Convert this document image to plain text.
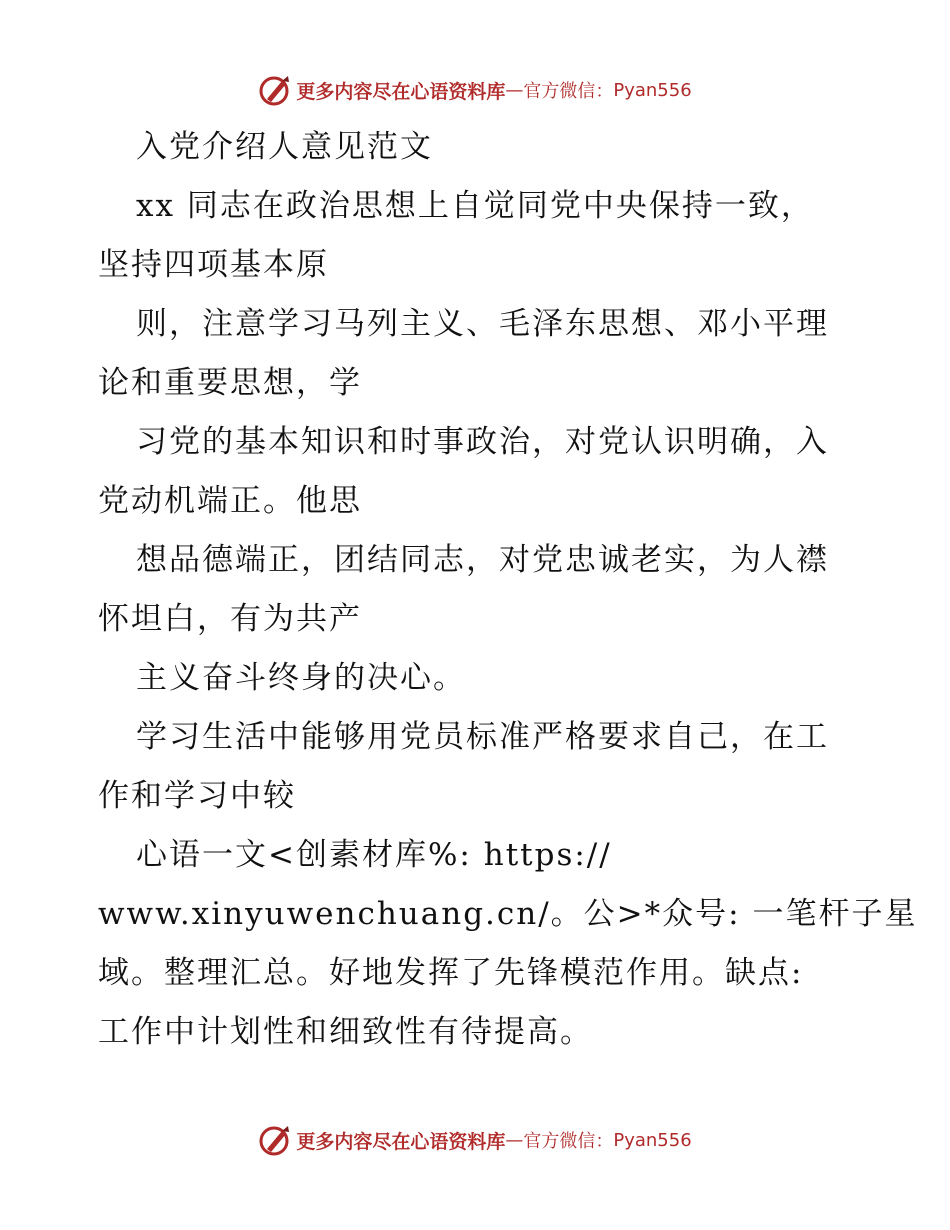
更多内容尽在心语资料库 — 官方微信： Pyan556
入党介绍人意见范文
xx 同志在政治思想上自觉同党中央保持一致，
坚持四项基本原
则，注意学习马列主义、毛泽东思想、邓小平理
论和重要思想，学
习党的基本知识和时事政治，对党认识明确，入
党动机端正。他思
想品德端正，团结同志，对党忠诚老实，为人襟
怀坦白，有为共产
主义奋斗终身的决心。
学习生活中能够用党员标准严格要求自己，在工
作和学习中较
心语一文<创素材库%: https://
www.xinyuwenchuang.cn/。公>*众号: 一笔杆子星
域。整理汇总。好地发挥了先锋模范作用。缺点:
工作中计划性和细致性有待提高。
更多内容尽在心语资料库 — 官方微信： Pyan556
